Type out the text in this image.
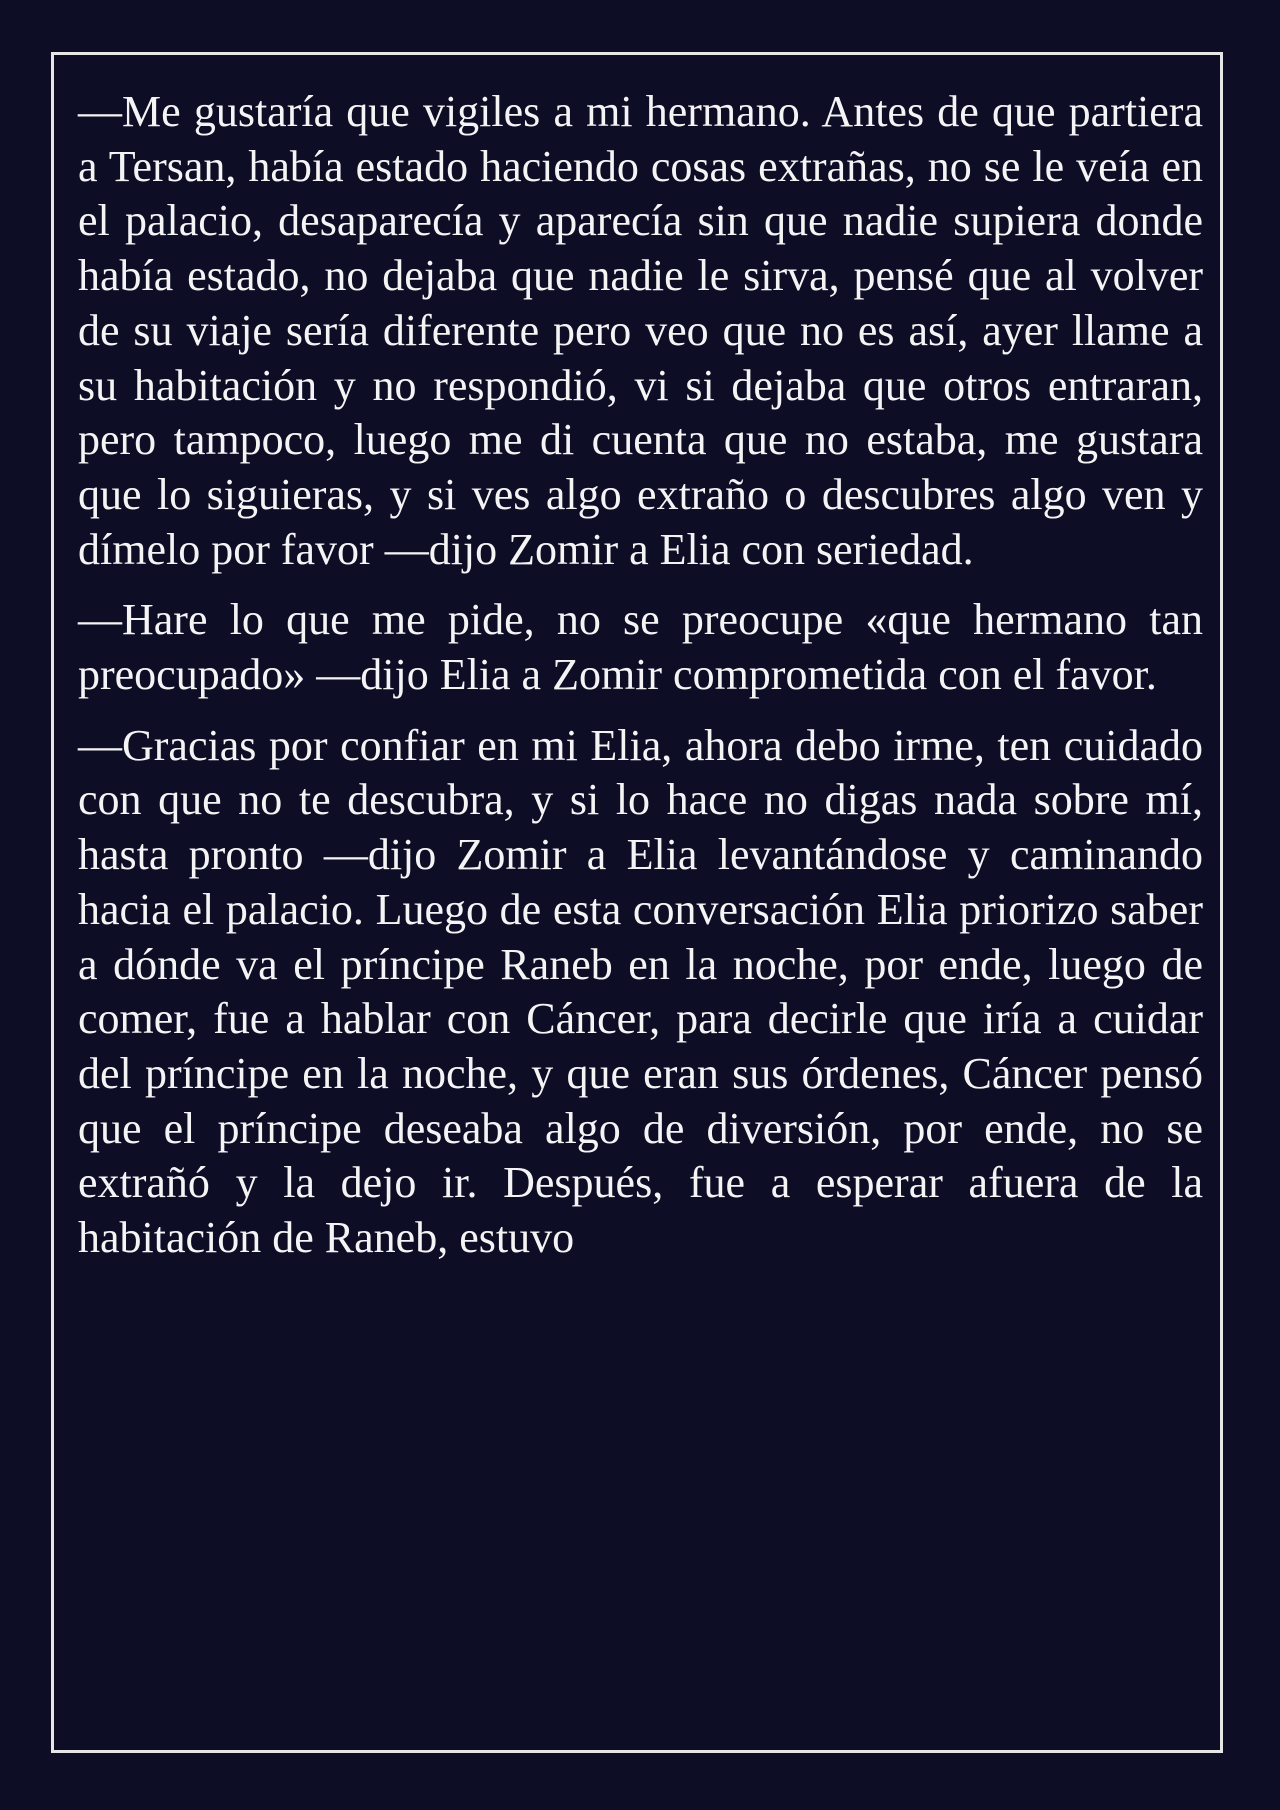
—Me gustaría que vigiles a mi hermano. Antes de que partiera a Tersan, había estado haciendo cosas extrañas, no se le veía en el palacio, desaparecía y aparecía sin que nadie supiera donde había estado, no dejaba que nadie le sirva, pensé que al volver de su viaje sería diferente pero veo que no es así, ayer llame a su habitación y no respondió, vi si dejaba que otros entraran, pero tampoco, luego me di cuenta que no estaba, me gustara que lo siguieras, y si ves algo extraño o descubres algo ven y dímelo por favor —dijo Zomir a Elia con seriedad.

—Hare lo que me pide, no se preocupe «que hermano tan preocupado» —dijo Elia a Zomir comprometida con el favor.

—Gracias por confiar en mi Elia, ahora debo irme, ten cuidado con que no te descubra, y si lo hace no digas nada sobre mí, hasta pronto —dijo Zomir a Elia levantándose y caminando hacia el palacio. Luego de esta conversación Elia priorizo saber a dónde va el príncipe Raneb en la noche, por ende, luego de comer, fue a hablar con Cáncer, para decirle que iría a cuidar del príncipe en la noche, y que eran sus órdenes, Cáncer pensó que el príncipe deseaba algo de diversión, por ende, no se extrañó y la dejo ir. Después, fue a esperar afuera de la habitación de Raneb, estuvo
